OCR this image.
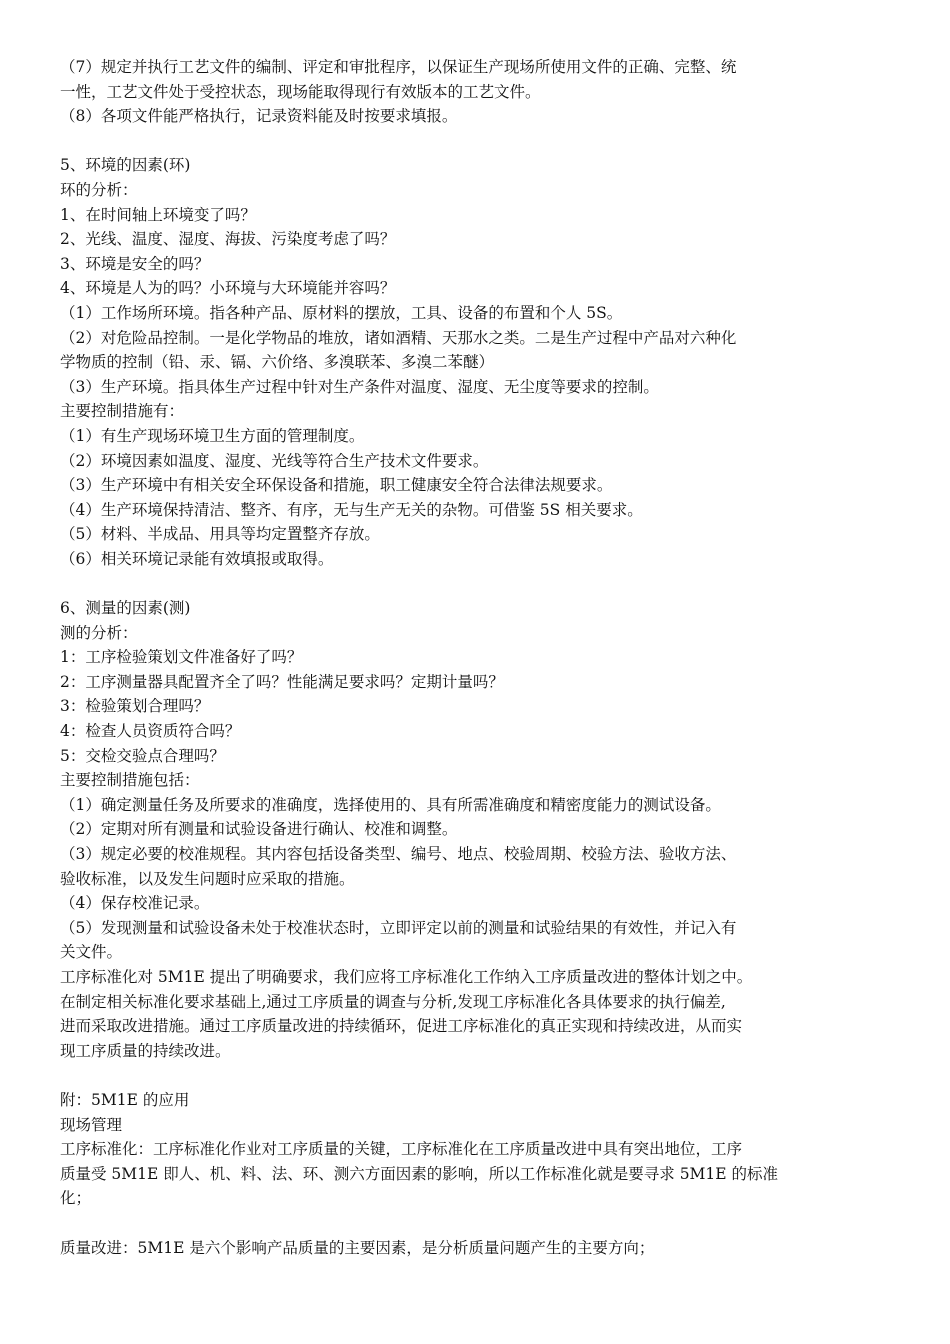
（7）规定并执行工艺文件的编制、评定和审批程序，以保证生产现场所使用文件的正确、完整、统
一性，工艺文件处于受控状态，现场能取得现行有效版本的工艺文件。
（8）各项文件能严格执行，记录资料能及时按要求填报。
5、环境的因素(环)
环的分析：
1、在时间轴上环境变了吗？
2、光线、温度、湿度、海拔、污染度考虑了吗？
3、环境是安全的吗？
4、环境是人为的吗？小环境与大环境能并容吗？
（1）工作场所环境。指各种产品、原材料的摆放，工具、设备的布置和个人 5S。
（2）对危险品控制。一是化学物品的堆放，诸如酒精、天那水之类。二是生产过程中产品对六种化
学物质的控制（铅、汞、镉、六价络、多溴联苯、多溴二苯醚）
（3）生产环境。指具体生产过程中针对生产条件对温度、湿度、无尘度等要求的控制。
主要控制措施有：
（1）有生产现场环境卫生方面的管理制度。
（2）环境因素如温度、湿度、光线等符合生产技术文件要求。
（3）生产环境中有相关安全环保设备和措施，职工健康安全符合法律法规要求。
（4）生产环境保持清洁、整齐、有序，无与生产无关的杂物。可借鉴 5S 相关要求。
（5）材料、半成品、用具等均定置整齐存放。
（6）相关环境记录能有效填报或取得。
6、测量的因素(测)
测的分析：
1：工序检验策划文件准备好了吗？
2：工序测量器具配置齐全了吗？性能满足要求吗？定期计量吗？
3：检验策划合理吗？
4：检查人员资质符合吗？
5：交检交验点合理吗？
主要控制措施包括：
（1）确定测量任务及所要求的准确度，选择使用的、具有所需准确度和精密度能力的测试设备。
（2）定期对所有测量和试验设备进行确认、校准和调整。
（3）规定必要的校准规程。其内容包括设备类型、编号、地点、校验周期、校验方法、验收方法、
验收标准，以及发生问题时应采取的措施。
（4）保存校准记录。
（5）发现测量和试验设备未处于校准状态时，立即评定以前的测量和试验结果的有效性，并记入有
关文件。
工序标准化对 5M1E 提出了明确要求，我们应将工序标准化工作纳入工序质量改进的整体计划之中。
在制定相关标准化要求基础上,通过工序质量的调查与分析,发现工序标准化各具体要求的执行偏差,
进而采取改进措施。通过工序质量改进的持续循环，促进工序标准化的真正实现和持续改进，从而实
现工序质量的持续改进。
附：5M1E 的应用
现场管理
工序标准化：工序标准化作业对工序质量的关键，工序标准化在工序质量改进中具有突出地位，工序
质量受 5M1E 即人、机、料、法、环、测六方面因素的影响，所以工作标准化就是要寻求 5M1E 的标准
化；
质量改进：5M1E 是六个影响产品质量的主要因素，是分析质量问题产生的主要方向；
